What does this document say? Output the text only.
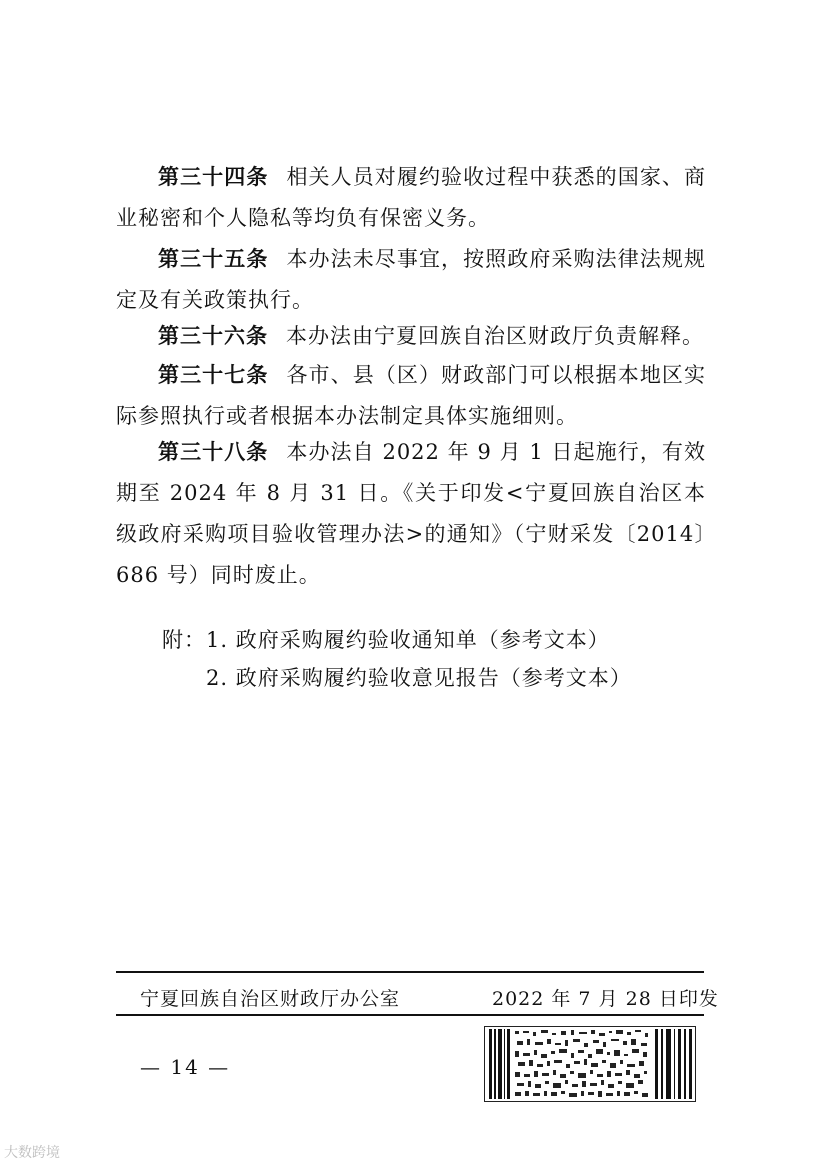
第三十四条 相关人员对履约验收过程中获悉的国家、商业秘密和个人隐私等均负有保密义务。
第三十五条 本办法未尽事宜，按照政府采购法律法规规定及有关政策执行。
第三十六条 本办法由宁夏回族自治区财政厅负责解释。
第三十七条 各市、县（区）财政部门可以根据本地区实际参照执行或者根据本办法制定具体实施细则。
第三十八条 本办法自 2022 年 9 月 1 日起施行，有效期至 2024 年 8 月 31 日。《关于印发<宁夏回族自治区本级政府采购项目验收管理办法>的通知》（宁财采发〔2014〕686 号）同时废止。
附：1. 政府采购履约验收通知单（参考文本）
2. 政府采购履约验收意见报告（参考文本）
宁夏回族自治区财政厅办公室	2022 年 7 月 28 日印发
— 14 —
大数跨境
